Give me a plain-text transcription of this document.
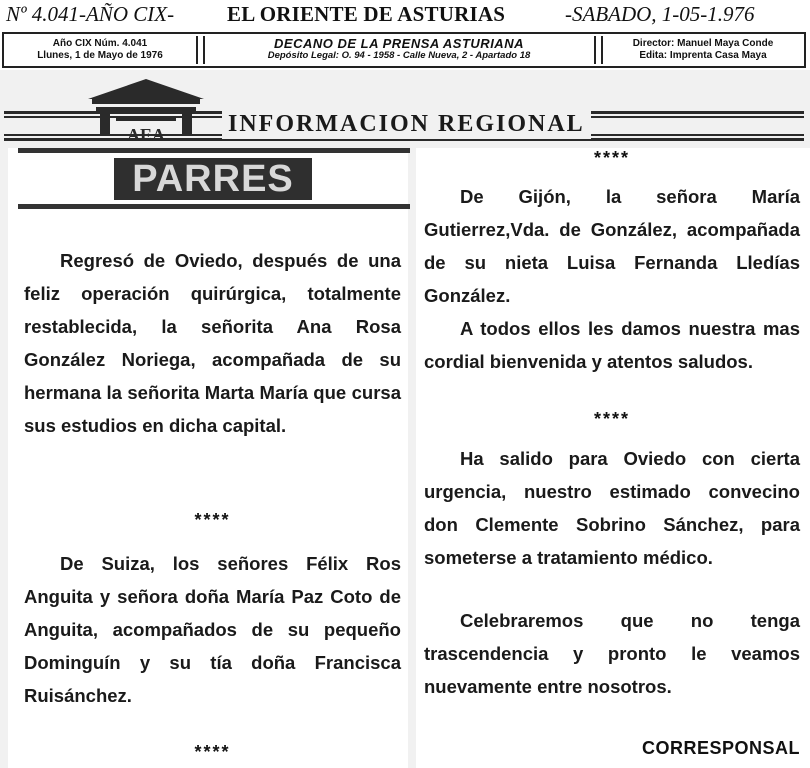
Nº 4.041-AÑO CIX-	EL ORIENTE DE ASTURIAS	-SABADO, 1-05-1.976
Año CIX Núm. 4.041
Llunes, 1 de Mayo de 1976
DECANO DE LA PRENSA ASTURIANA
Depósito Legal: O. 94 - 1958 - Calle Nueva, 2 - Apartado 18
Director: Manuel Maya Conde
Edita: Imprenta Casa Maya
AEA	INFORMACION REGIONAL
PARRES

Regresó de Oviedo, después de una feliz operación quirúrgica, totalmente restablecida, la señorita Ana Rosa González Noriega, acompañada de su hermana la señorita Marta María que cursa sus estudios en dicha capital.

****

De Suiza, los señores Félix Ros Anguita y señora doña María Paz Coto de Anguita, acompañados de su pequeño Dominguín y su tía doña Francisca Ruisánchez.

****
****

De Gijón, la señora María Gutierrez,Vda. de González, acompañada de su nieta Luisa Fernanda Lledías González.

A todos ellos les damos nuestra mas cordial bienvenida y atentos saludos.

****

Ha salido para Oviedo con cierta urgencia, nuestro estimado convecino don Clemente Sobrino Sánchez, para someterse a tratamiento médico.

Celebraremos que no tenga trascendencia y pronto le veamos nuevamente entre nosotros.

CORRESPONSAL
